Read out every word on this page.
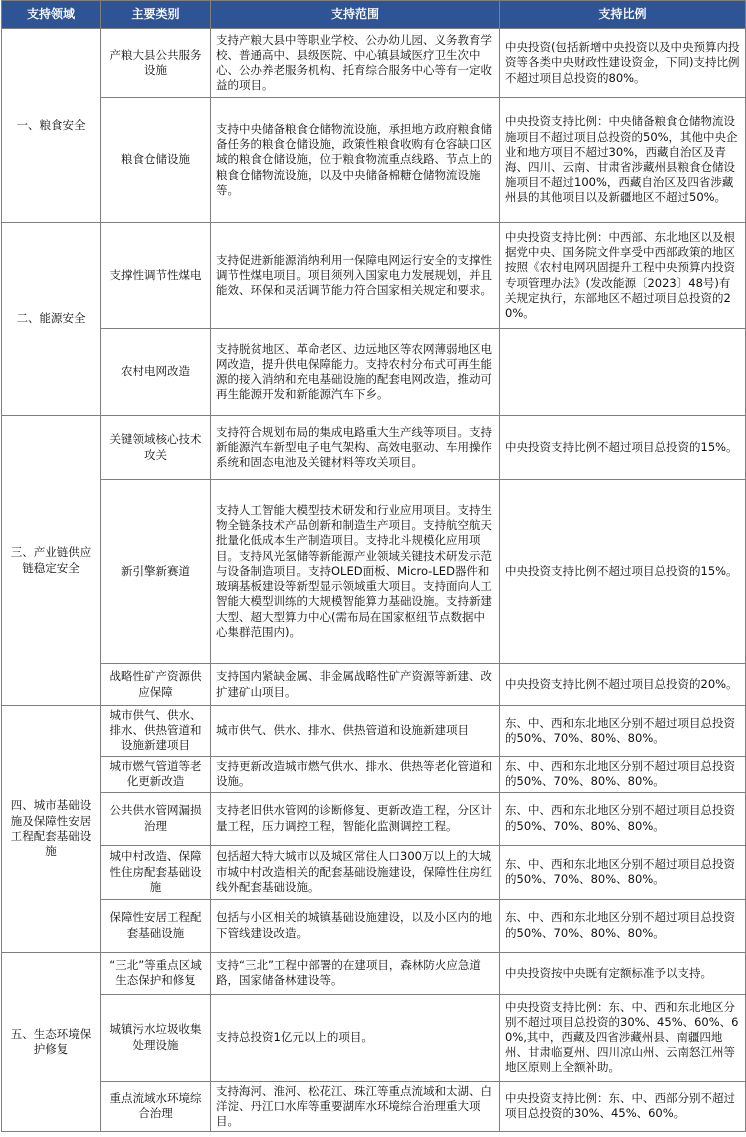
支持领域	主要类别	支持范围	支持比例
一、粮食安全	产粮大县公共服务设施	支持产粮大县中等职业学校、公办幼儿园、义务教育学校、普通高中、县级医院、中心镇县域医疗卫生次中心、公办养老服务机构、托育综合服务中心等有一定收益的项目。	中央投资(包括新增中央投资以及中央预算内投资等各类中央财政性建设资金，下同)支持比例不超过项目总投资的80%。
	粮食仓储设施	支持中央储备粮食仓储物流设施，承担地方政府粮食储备任务的粮食仓储设施，政策性粮食收购有仓容缺口区域的粮食仓储设施，位于粮食物流重点线路、节点上的粮食仓储物流设施，以及中央储备棉糖仓储物流设施等。	中央投资支持比例：中央储备粮食仓储物流设施项目不超过项目总投资的50%，其他中央企业和地方项目不超过30%，西藏自治区及青海、四川、云南、甘肃省涉藏州县粮食仓储设施项目不超过100%，西藏自治区及四省涉藏州县的其他项目以及新疆地区不超过50%。
二、能源安全	支撑性调节性煤电	支持促进新能源消纳利用一保障电网运行安全的支撑性调节性煤电项目。项目须列入国家电力发展规划，并且能效、环保和灵活调节能力符合国家相关规定和要求。	中央投资支持比例：中西部、东北地区以及根据党中央、国务院文件享受中西部政策的地区按照《农村电网巩固提升工程中央预算内投资专项管理办法》(发改能源〔2023〕48号)有关规定执行，东部地区不超过项目总投资的20%。
	农村电网改造	支持脱贫地区、革命老区、边远地区等农网薄弱地区电网改造，提升供电保障能力。支持农村分布式可再生能源的接入消纳和充电基础设施的配套电网改造，推动可再生能源开发和新能源汽车下乡。	
三、产业链供应链稳定安全	关键领域核心技术攻关	支持符合规划布局的集成电路重大生产线等项目。支持新能源汽车新型电子电气架构、高效电驱动、车用操作系统和固态电池及关键材料等攻关项目。	中央投资支持比例不超过项目总投资的15%。
	新引擎新赛道	支持人工智能大模型技术研发和行业应用项目。支持生物全链条技术产品创新和制造生产项目。支持航空航天批量化低成本生产制造项目。支持北斗规模化应用项目。支持风光氢储等新能源产业领域关键技术研发示范与设备制造项目。支持OLED面板、Micro-LED器件和玻璃基板建设等新型显示领域重大项目。支持面向人工智能大模型训练的大规模智能算力基础设施。支持新建大型、超大型算力中心(需布局在国家枢纽节点数据中心集群范围内)。	中央投资支持比例不超过项目总投资的15%。
	战略性矿产资源供应保障	支持国内紧缺金属、非金属战略性矿产资源等新建、改扩建矿山项目。	中央投资支持比例不超过项目总投资的20%。
四、城市基础设施及保障性安居工程配套基础设施	城市供气、供水、排水、供热管道和设施新建项目	城市供气、供水、排水、供热管道和设施新建项目	东、中、西和东北地区分别不超过项目总投资的50%、70%、80%、80%。
	城市燃气管道等老化更新改造	支持更新改造城市燃气供水、排水、供热等老化管道和设施。	东、中、西和东北地区分别不超过项目总投资的50%、70%、80%、80%。
	公共供水管网漏损治理	支持老旧供水管网的诊断修复、更新改造工程，分区计量工程，压力调控工程，智能化监测调控工程。	东、中、西和东北地区分别不超过项目总投资的50%、70%、80%、80%。
	城中村改造、保障性住房配套基础设施	包括超大特大城市以及城区常住人口300万以上的大城市城中村改造相关的配套基础设施建设，保障性住房红线外配套基础设施。	东、中、西和东北地区分别不超过项目总投资的50%、70%、80%、80%。
	保障性安居工程配套基础设施	包括与小区相关的城镇基础设施建设，以及小区内的地下管线建设改造。	东、中、西和东北地区分别不超过项目总投资的50%、70%、80%、80%。
五、生态环境保护修复	“三北”等重点区域生态保护和修复	支持“三北”工程中部署的在建项目，森林防火应急道路，国家储备林建设等。	中央投资按中央既有定额标准予以支持。
	城镇污水垃圾收集处理设施	支持总投资1亿元以上的项目。	中央投资支持比例：东、中、西和东北地区分别不超过项目总投资的30%、45%、60%、60%,其中，西藏及四省涉藏州县、南疆四地州、甘肃临夏州、四川凉山州、云南怒江州等地区原则上全额补助。
	重点流域水环境综合治理	支持海河、淮河、松花江、珠江等重点流域和太湖、白洋淀、丹江口水库等重要湖库水环境综合治理重大项目。	中央投资支持比例：东、中、西部分别不超过项目总投资的30%、45%、60%。
